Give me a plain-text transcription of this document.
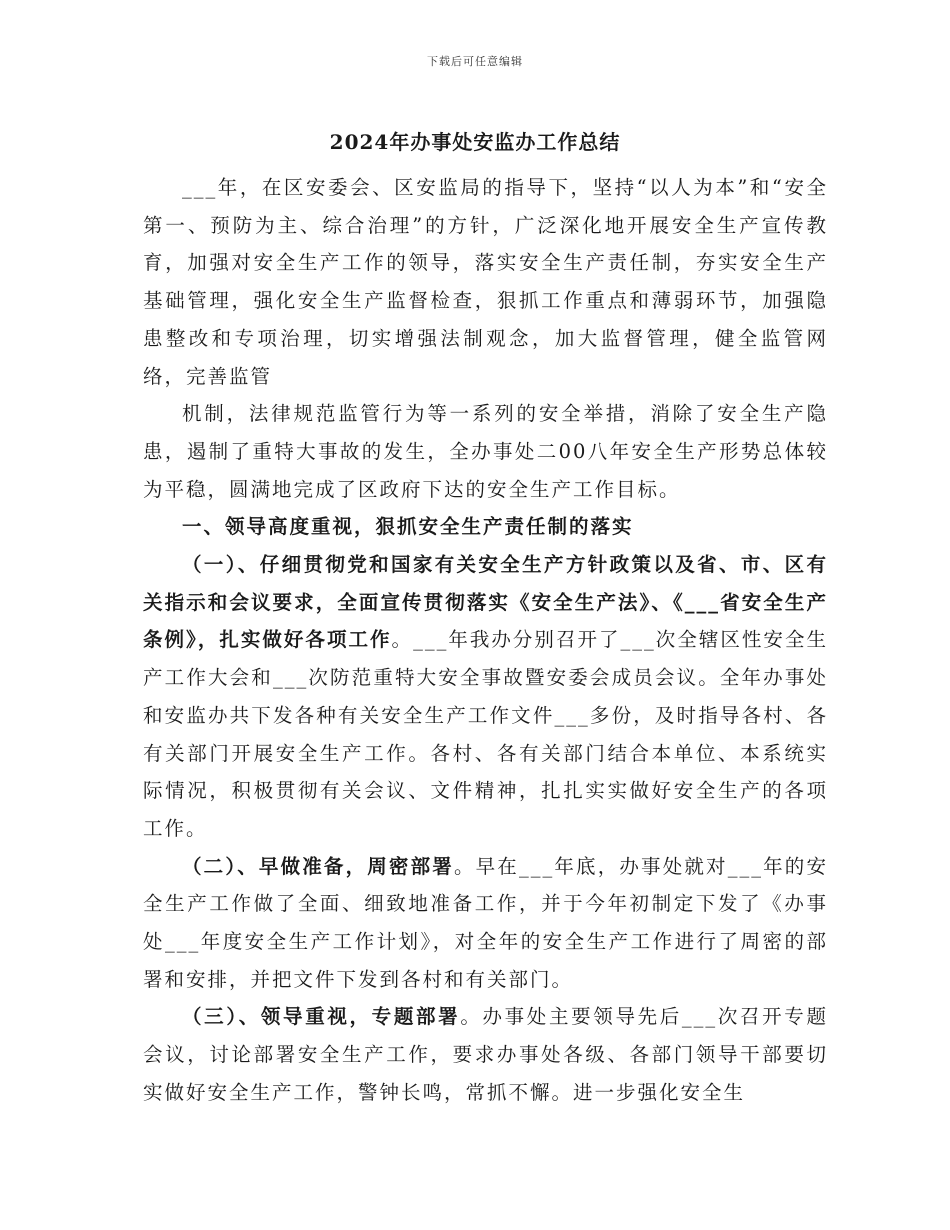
下载后可任意编辑
2024年办事处安监办工作总结

___年，在区安委会、区安监局的指导下，坚持“以人为本”和“安全第一、预防为主、综合治理”的方针，广泛深化地开展安全生产宣传教育，加强对安全生产工作的领导，落实安全生产责任制，夯实安全生产基础管理，强化安全生产监督检查，狠抓工作重点和薄弱环节，加强隐患整改和专项治理，切实增强法制观念，加大监督管理，健全监管网络，完善监管

机制，法律规范监管行为等一系列的安全举措，消除了安全生产隐患，遏制了重特大事故的发生，全办事处二00八年安全生产形势总体较为平稳，圆满地完成了区政府下达的安全生产工作目标。

一、领导高度重视，狠抓安全生产责任制的落实

（一）、仔细贯彻党和国家有关安全生产方针政策以及省、市、区有关指示和会议要求，全面宣传贯彻落实《安全生产法》、《___省安全生产条例》，扎实做好各项工作。___年我办分别召开了___次全辖区性安全生产工作大会和___次防范重特大安全事故暨安委会成员会议。全年办事处和安监办共下发各种有关安全生产工作文件___多份，及时指导各村、各有关部门开展安全生产工作。各村、各有关部门结合本单位、本系统实际情况，积极贯彻有关会议、文件精神，扎扎实实做好安全生产的各项工作。

（二）、早做准备，周密部署。早在___年底，办事处就对___年的安全生产工作做了全面、细致地准备工作，并于今年初制定下发了《办事处___年度安全生产工作计划》，对全年的安全生产工作进行了周密的部署和安排，并把文件下发到各村和有关部门。

（三）、领导重视，专题部署。办事处主要领导先后___次召开专题会议，讨论部署安全生产工作，要求办事处各级、各部门领导干部要切实做好安全生产工作，警钟长鸣，常抓不懈。进一步强化安全生
